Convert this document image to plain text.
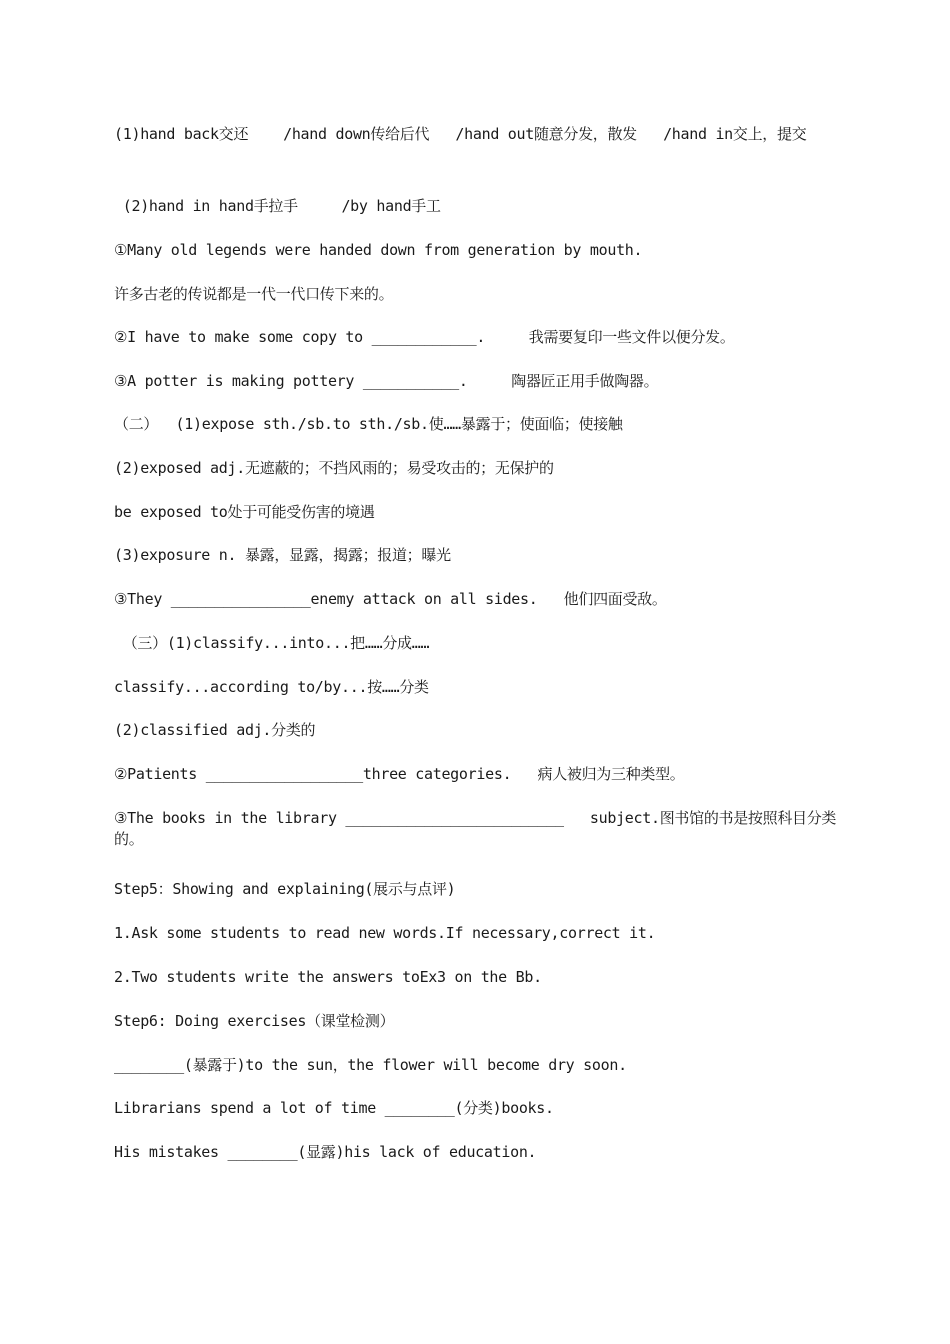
(1)hand back交还    /hand down传给后代   /hand out随意分发，散发   /hand in交上，提交
(2)hand in hand手拉手     /by hand手工
①Many old legends were handed down from generation by mouth.
许多古老的传说都是一代一代口传下来的。
②I have to make some copy to ____________.     我需要复印一些文件以便分发。
③A potter is making pottery ___________.     陶器匠正用手做陶器。
（二）  (1)expose sth./sb.to sth./sb.使……暴露于；使面临；使接触
(2)exposed adj.无遮蔽的；不挡风雨的；易受攻击的；无保护的
be exposed to处于可能受伤害的境遇
(3)exposure n. 暴露，显露，揭露；报道；曝光
③They ________________enemy attack on all sides.   他们四面受敌。
（三）(1)classify...into...把……分成……
classify...according to/by...按……分类
(2)classified adj.分类的
②Patients __________________three categories.   病人被归为三种类型。
③The books in the library _________________________   subject.图书馆的书是按照科目分类的。
Step5：Showing and explaining(展示与点评)
1.Ask some students to read new words.If necessary,correct it.
2.Two students write the answers toEx3 on the Bb.
Step6: Doing exercises（课堂检测）
________(暴露于)to the sun，the flower will become dry soon.
Librarians spend a lot of time ________(分类)books.
His mistakes ________(显露)his lack of education.
